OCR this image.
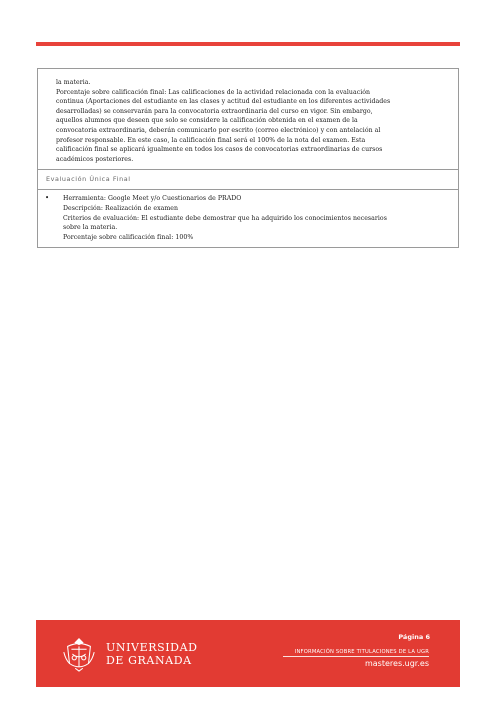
la materia.

Porcentaje sobre calificación final: Las calificaciones de la actividad relacionada con la evaluación

continua (Aportaciones del estudiante en las clases y actitud del estudiante en los diferentes actividades

desarrolladas) se conservarán para la convocatoria extraordinaria del curso en vigor. Sin embargo,

aquellos alumnos que deseen que solo se considere la calificación obtenida en el examen de la

convocatoria extraordinaria, deberán comunicarlo por escrito (correo electrónico) y con antelación al

profesor responsable. En este caso, la calificación final será el 100% de la nota del examen. Esta

calificación final se aplicará igualmente en todos los casos de convocatorias extraordinarias de cursos

académicos posteriores.

Evaluación Única Final
•	Herramienta: Google Meet y/o Cuestionarios de PRADO

Descripción: Realización de examen

Criterios de evaluación: El estudiante debe demostrar que ha adquirido los conocimientos necesarios

sobre la materia.

Porcentaje sobre calificación final: 100%

UNIVERSIDAD
DE GRANADA
Página 6
INFORMACIÓN SOBRE TITULACIONES DE LA UGR
masteres.ugr.es
